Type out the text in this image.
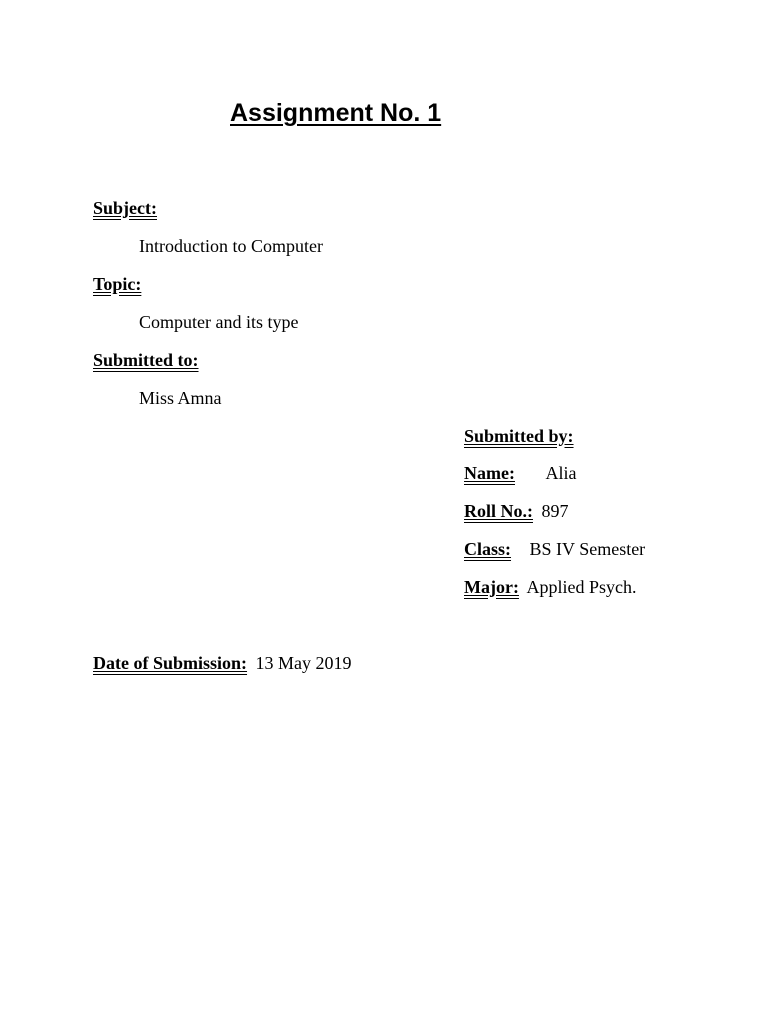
Assignment No. 1
Subject:
Introduction to Computer
Topic:
Computer and its type
Submitted to:
Miss Amna
Submitted by:
Name: Alia
Roll No.: 897
Class: BS IV Semester
Major: Applied Psych.
Date of Submission: 13 May 2019
